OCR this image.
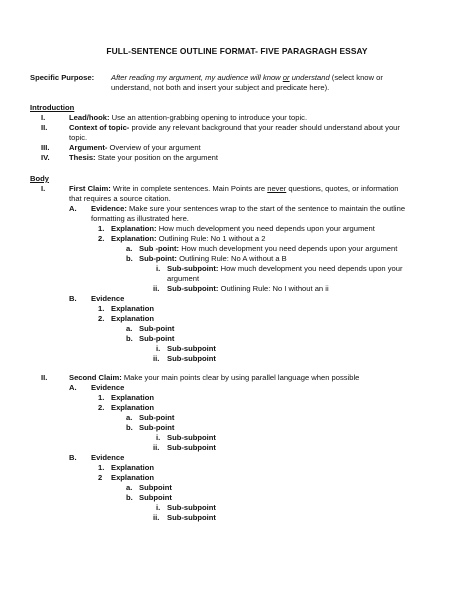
FULL-SENTENCE OUTLINE FORMAT- FIVE PARAGRAGH ESSAY
Specific Purpose: After reading my argument, my audience will know or understand (select know or
understand, not both and insert your subject and predicate here).
Introduction
I.	Lead/hook: Use an attention-grabbing opening to introduce your topic.
II.	Context of topic- provide any relevant background that your reader should understand about your
topic.
III.	Argument- Overview of your argument
IV.	Thesis: State your position on the argument
Body
I.	First Claim: Write in complete sentences. Main Points are never questions, quotes, or information
that requires a source citation.
A. Evidence: Make sure your sentences wrap to the start of the sentence to maintain the outline
formatting as illustrated here.
1. Explanation: How much development you need depends upon your argument
2. Explanation: Outlining Rule: No 1 without a 2
a. Sub -point: How much development you need depends upon your argument
b. Sub-point: Outlining Rule: No A without a B
i. Sub-subpoint: How much development you need depends upon your
argument
ii. Sub-subpoint: Outlining Rule: No I without an ii
B. Evidence
1. Explanation
2. Explanation
a. Sub-point
b. Sub-point
i. Sub-subpoint
ii. Sub-subpoint
II.	Second Claim: Make your main points clear by using parallel language when possible
A. Evidence
1. Explanation
2. Explanation
a. Sub-point
b. Sub-point
i. Sub-subpoint
ii. Sub-subpoint
B. Evidence
1. Explanation
2 Explanation
a. Subpoint
b. Subpoint
i. Sub-subpoint
ii. Sub-subpoint
